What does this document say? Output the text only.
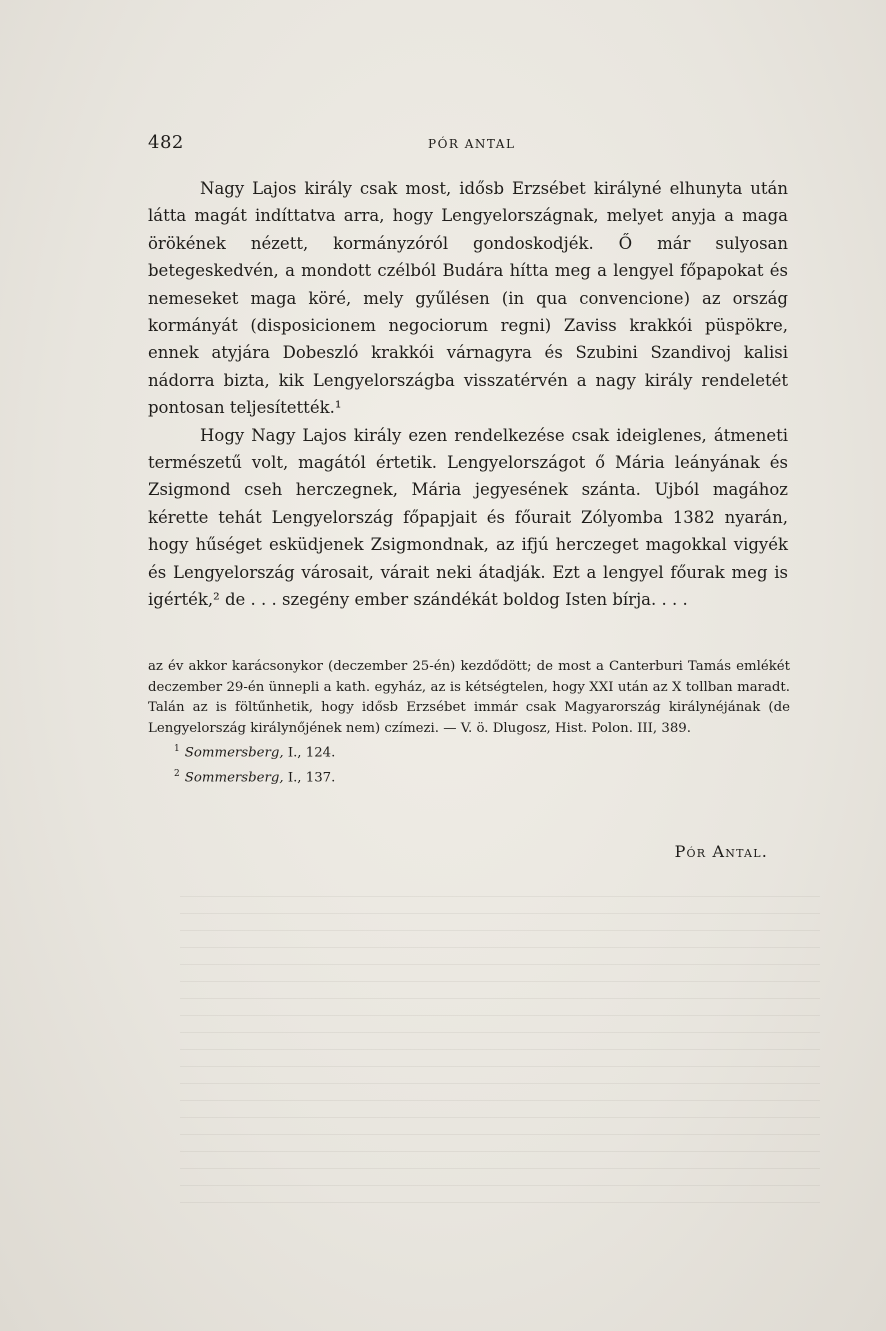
482	PÓR ANTAL

Nagy Lajos király csak most, idősb Erzsébet királyné elhunyta után látta magát indíttatva arra, hogy Lengyelországnak, melyet anyja a maga örökének nézett, kormányzóról gondoskodjék. Ő már sulyosan betegeskedvén, a mondott czélból Budára hítta meg a lengyel főpapokat és nemeseket maga köré, mely gyűlésen (in qua convencione) az ország kormányát (disposicionem negociorum regni) Zaviss krakkói püspökre, ennek atyjára Dobeszló krakkói várnagyra és Szubini Szandivoj kalisi nádorra bizta, kik Lengyelországba visszatérvén a nagy király rendeletét pontosan teljesítették.¹

Hogy Nagy Lajos király ezen rendelkezése csak ideiglenes, átmeneti természetű volt, magától értetik. Lengyelországot ő Mária leányának és Zsigmond cseh herczegnek, Mária jegyesének szánta. Ujból magához kérette tehát Lengyelország főpapjait és főurait Zólyomba 1382 nyarán, hogy hűséget esküdjenek Zsigmondnak, az ifjú herczeget magokkal vigyék és Lengyelország városait, várait neki átadják. Ezt a lengyel főurak meg is igérték,² de . . . szegény ember szándékát boldog Isten bírja. . . .

az év akkor karácsonykor (deczember 25-én) kezdődött; de most a Canterburi Tamás emlékét deczember 29-én ünnepli a kath. egyház, az is kétségtelen, hogy XXI után az X tollban maradt. Talán az is föltűnhetik, hogy idősb Erzsébet immár csak Magyarország királynéjának (de Lengyelország királynőjének nem) czímezi. — V. ö. Dlugosz, Hist. Polon. III, 389.

$^1$ Sommersberg, I., 124.

$^2$ Sommersberg, I., 137.

Pór Antal.
